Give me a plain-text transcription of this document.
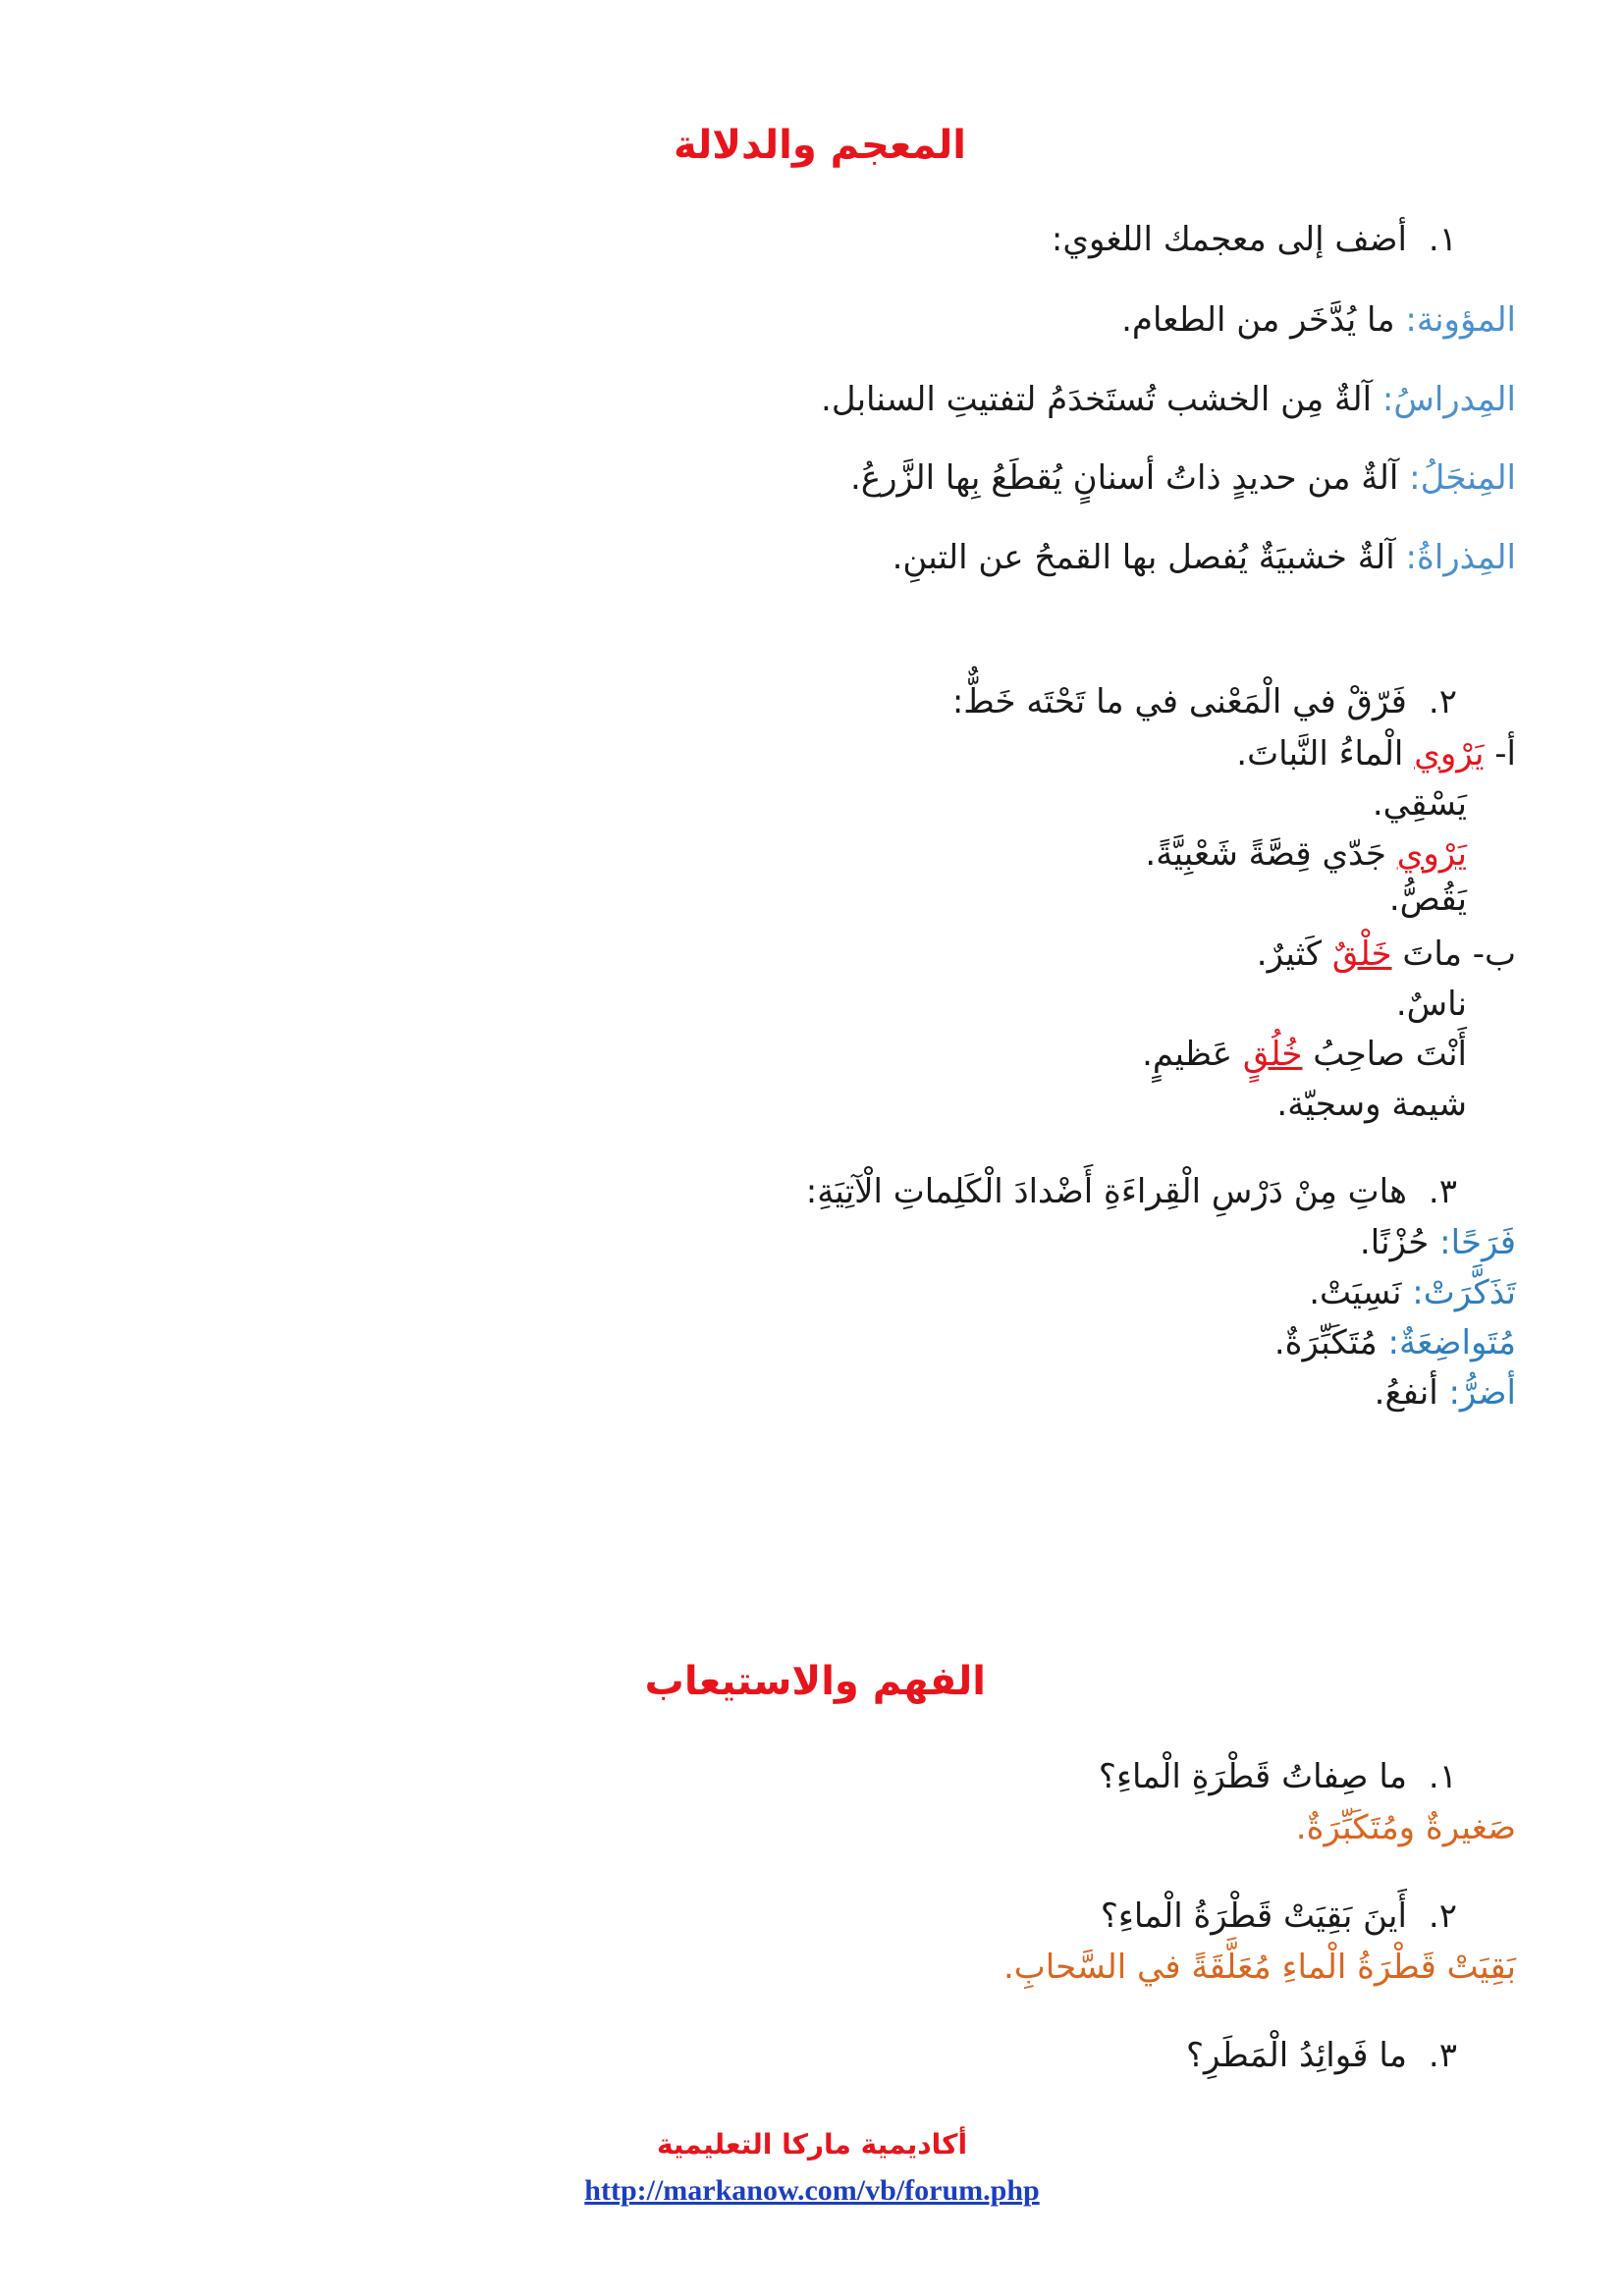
المعجم والدلالة
١.أضف إلى معجمك اللغوي:
المؤونة: ما يُدَّخَر من الطعام.
المِدراسُ: آلةٌ مِن الخشب تُستَخدَمُ لتفتيتِ السنابل.
المِنجَلُ: آلةٌ من حديدٍ ذاتُ أسنانٍ يُقطَعُ بِها الزَّرعُ.
المِذراةُ: آلةٌ خشبيَةٌ يُفصل بها القمحُ عن التبنِ.
٢.فَرّقْ في الْمَعْنى في ما تَحْتَه خَطٌّ:
أ- يَرْوي الْماءُ النَّباتَ.
يَسْقِي.
يَرْوي جَدّي قِصَّةً شَعْبِيَّةً.
يَقُصُّ.
ب- ماتَ خَلْقٌ كَثيرٌ.
ناسٌ.
أَنْتَ صاحِبُ خُلُقٍ عَظيمٍ.
شيمة وسجيّة.
٣.هاتِ مِنْ دَرْسِ الْقِراءَةِ أَضْدادَ الْكَلِماتِ الْآتِيَةِ:
فَرَحًا: حُزْنًا.
تَذَكَّرَتْ: نَسِيَتْ.
مُتَواضِعَةٌ: مُتَكَبِّرَةٌ.
أضرُّ: أنفعُ.
الفهم والاستيعاب
١.ما صِفاتُ قَطْرَةِ الْماءِ؟
صَغيرةٌ ومُتَكَبِّرَةٌ.
٢.أَينَ بَقِيَتْ قَطْرَةُ الْماءِ؟
بَقِيَتْ قَطْرَةُ الْماءِ مُعَلَّقَةً في السَّحابِ.
٣.ما فَوائِدُ الْمَطَرِ؟
أكاديمية ماركا التعليمية
http://markanow.com/vb/forum.php
